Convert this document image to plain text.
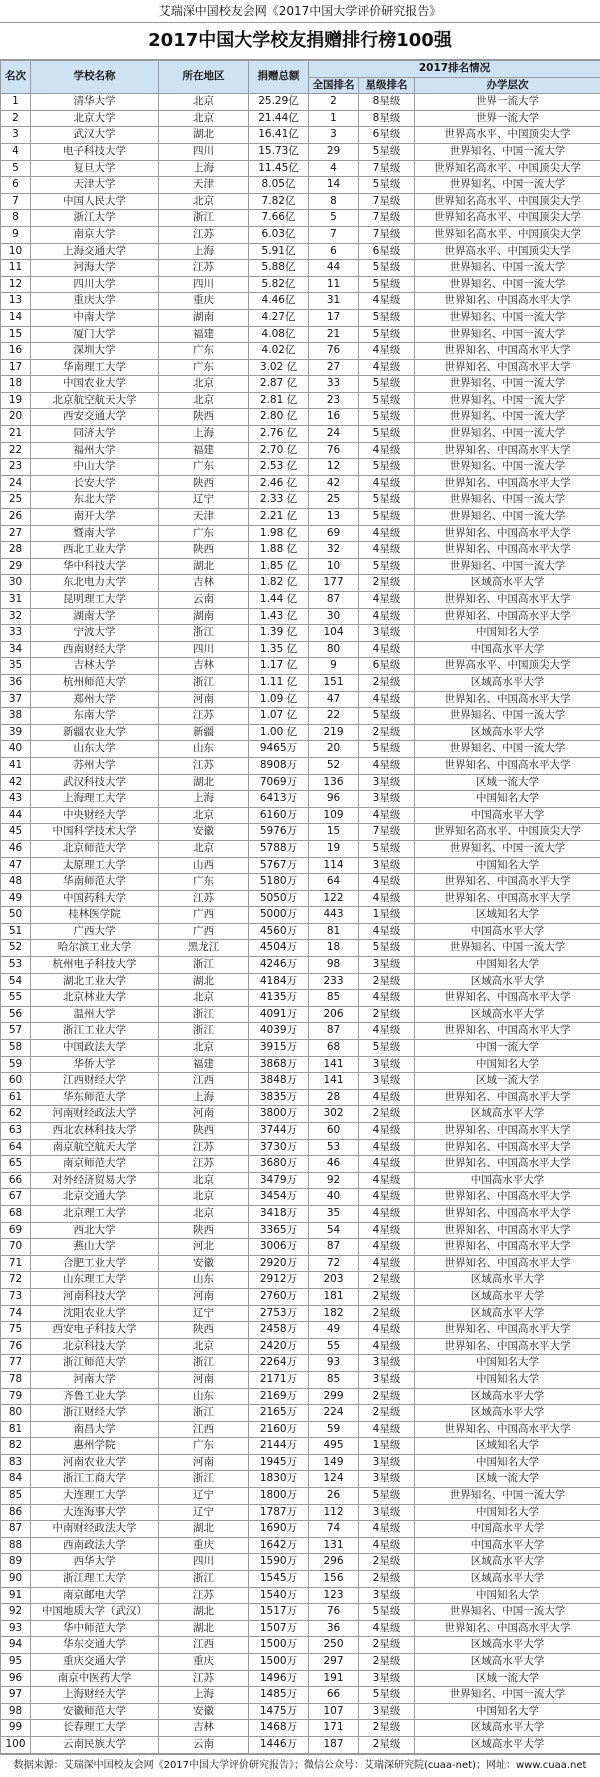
艾瑞深中国校友会网《2017中国大学评价研究报告》
2017中国大学校友捐赠排行榜100强
名次	学校名称	所在地区	捐赠总额	2017排名情况		
				全国排名	星级排名	办学层次
1	清华大学	北京	25.29亿	2	8星级	世界一流大学
2	北京大学	北京	21.44亿	1	8星级	世界一流大学
3	武汉大学	湖北	16.41亿	3	6星级	世界高水平、中国顶尖大学
4	电子科技大学	四川	15.73亿	29	5星级	世界知名、中国一流大学
5	复旦大学	上海	11.45亿	4	7星级	世界知名高水平、中国顶尖大学
6	天津大学	天津	8.05亿	14	5星级	世界知名、中国一流大学
7	中国人民大学	北京	7.82亿	8	7星级	世界知名高水平、中国顶尖大学
8	浙江大学	浙江	7.66亿	5	7星级	世界知名高水平、中国顶尖大学
9	南京大学	江苏	6.03亿	7	7星级	世界知名高水平、中国顶尖大学
10	上海交通大学	上海	5.91亿	6	6星级	世界高水平、中国顶尖大学
11	河海大学	江苏	5.88亿	44	5星级	世界知名、中国一流大学
12	四川大学	四川	5.82亿	11	5星级	世界知名、中国一流大学
13	重庆大学	重庆	4.46亿	31	4星级	世界知名、中国高水平大学
14	中南大学	湖南	4.27亿	17	5星级	世界知名、中国一流大学
15	厦门大学	福建	4.08亿	21	5星级	世界知名、中国一流大学
16	深圳大学	广东	4.02亿	76	4星级	世界知名、中国高水平大学
17	华南理工大学	广东	3.02 亿	27	4星级	世界知名、中国高水平大学
18	中国农业大学	北京	2.87 亿	33	5星级	世界知名、中国一流大学
19	北京航空航天大学	北京	2.81 亿	23	5星级	世界知名、中国一流大学
20	西安交通大学	陕西	2.80 亿	16	5星级	世界知名、中国一流大学
21	同济大学	上海	2.76 亿	24	5星级	世界知名、中国一流大学
22	福州大学	福建	2.70 亿	76	4星级	世界知名、中国高水平大学
23	中山大学	广东	2.53 亿	12	5星级	世界知名、中国一流大学
24	长安大学	陕西	2.46 亿	42	4星级	世界知名、中国高水平大学
25	东北大学	辽宁	2.33 亿	25	5星级	世界知名、中国一流大学
26	南开大学	天津	2.21 亿	13	5星级	世界知名、中国一流大学
27	暨南大学	广东	1.98 亿	69	4星级	世界知名、中国高水平大学
28	西北工业大学	陕西	1.88 亿	32	4星级	世界知名、中国高水平大学
29	华中科技大学	湖北	1.85 亿	10	5星级	世界知名、中国一流大学
30	东北电力大学	吉林	1.82 亿	177	2星级	区域高水平大学
31	昆明理工大学	云南	1.44 亿	87	4星级	世界知名、中国高水平大学
32	湖南大学	湖南	1.43 亿	30	4星级	世界知名、中国高水平大学
33	宁波大学	浙江	1.39 亿	104	3星级	中国知名大学
34	西南财经大学	四川	1.35 亿	80	4星级	中国高水平大学
35	吉林大学	吉林	1.17 亿	9	6星级	世界高水平、中国顶尖大学
36	杭州师范大学	浙江	1.11 亿	151	2星级	区域高水平大学
37	郑州大学	河南	1.09 亿	47	4星级	世界知名、中国高水平大学
38	东南大学	江苏	1.07 亿	22	5星级	世界知名、中国一流大学
39	新疆农业大学	新疆	1.00 亿	219	2星级	区域高水平大学
40	山东大学	山东	9465万	20	5星级	世界知名、中国一流大学
41	苏州大学	江苏	8908万	52	4星级	世界知名、中国高水平大学
42	武汉科技大学	湖北	7069万	136	3星级	区域一流大学
43	上海理工大学	上海	6413万	96	3星级	中国知名大学
44	中央财经大学	北京	6160万	109	4星级	中国高水平大学
45	中国科学技术大学	安徽	5976万	15	7星级	世界知名高水平、中国顶尖大学
46	北京师范大学	北京	5788万	19	5星级	世界知名、中国一流大学
47	太原理工大学	山西	5767万	114	3星级	中国知名大学
48	华南师范大学	广东	5180万	64	4星级	世界知名、中国高水平大学
49	中国药科大学	江苏	5050万	122	4星级	世界知名、中国高水平大学
50	桂林医学院	广西	5000万	443	1星级	区域知名大学
51	广西大学	广西	4560万	81	4星级	中国高水平大学
52	哈尔滨工业大学	黑龙江	4504万	18	5星级	世界知名、中国一流大学
53	杭州电子科技大学	浙江	4246万	98	3星级	中国知名大学
54	湖北工业大学	湖北	4184万	233	2星级	区域高水平大学
55	北京林业大学	北京	4135万	85	4星级	世界知名、中国高水平大学
56	温州大学	浙江	4091万	206	2星级	区域高水平大学
57	浙江工业大学	浙江	4039万	87	4星级	世界知名、中国高水平大学
58	中国政法大学	北京	3915万	68	5星级	中国一流大学
59	华侨大学	福建	3868万	141	3星级	中国知名大学
60	江西财经大学	江西	3848万	141	3星级	区域一流大学
61	华东师范大学	上海	3835万	28	4星级	世界知名、中国高水平大学
62	河南财经政法大学	河南	3800万	302	2星级	区域高水平大学
63	西北农林科技大学	陕西	3744万	60	4星级	世界知名、中国高水平大学
64	南京航空航天大学	江苏	3730万	53	4星级	世界知名、中国高水平大学
65	南京师范大学	江苏	3680万	46	4星级	世界知名、中国高水平大学
66	对外经济贸易大学	北京	3479万	92	4星级	中国高水平大学
67	北京交通大学	北京	3454万	40	4星级	世界知名、中国高水平大学
68	北京理工大学	北京	3418万	35	4星级	世界知名、中国高水平大学
69	西北大学	陕西	3365万	54	4星级	世界知名、中国高水平大学
70	燕山大学	河北	3006万	87	4星级	世界知名、中国高水平大学
71	合肥工业大学	安徽	2920万	72	4星级	世界知名、中国高水平大学
72	山东理工大学	山东	2912万	203	2星级	区域高水平大学
73	河南科技大学	河南	2760万	181	2星级	区域高水平大学
74	沈阳农业大学	辽宁	2753万	182	2星级	区域高水平大学
75	西安电子科技大学	陕西	2458万	49	4星级	世界知名、中国高水平大学
76	北京科技大学	北京	2420万	55	4星级	世界知名、中国高水平大学
77	浙江师范大学	浙江	2264万	93	3星级	中国知名大学
78	河南大学	河南	2171万	85	3星级	中国知名大学
79	齐鲁工业大学	山东	2169万	299	2星级	区域高水平大学
80	浙江财经大学	浙江	2165万	224	2星级	区域高水平大学
81	南昌大学	江西	2160万	59	4星级	世界知名、中国高水平大学
82	惠州学院	广东	2144万	495	1星级	区域知名大学
83	河南农业大学	河南	1945万	149	3星级	中国知名大学
84	浙江工商大学	浙江	1830万	124	3星级	区域一流大学
85	大连理工大学	辽宁	1800万	26	5星级	世界知名、中国一流大学
86	大连海事大学	辽宁	1787万	112	3星级	中国知名大学
87	中南财经政法大学	湖北	1690万	74	4星级	中国高水平大学
88	西南政法大学	重庆	1642万	131	4星级	中国高水平大学
89	西华大学	四川	1590万	296	2星级	区域高水平大学
90	浙江理工大学	浙江	1545万	156	2星级	区域高水平大学
91	南京邮电大学	江苏	1540万	123	3星级	中国知名大学
92	中国地质大学（武汉）	湖北	1517万	76	5星级	世界知名、中国一流大学
93	华中师范大学	湖北	1507万	36	4星级	世界知名、中国高水平大学
94	华东交通大学	江西	1500万	250	2星级	区域高水平大学
95	重庆交通大学	重庆	1500万	297	2星级	区域高水平大学
96	南京中医药大学	江苏	1496万	191	3星级	区域一流大学
97	上海财经大学	上海	1485万	66	5星级	世界知名、中国一流大学
98	安徽师范大学	安徽	1475万	107	3星级	中国知名大学
99	长春理工大学	吉林	1468万	171	2星级	区域高水平大学
100	云南民族大学	云南	1446万	187	2星级	区域高水平大学
数据来源：艾瑞深中国校友会网《2017中国大学评价研究报告》；微信公众号：艾瑞深研究院(cuaa-net)；网址：www.cuaa.net
